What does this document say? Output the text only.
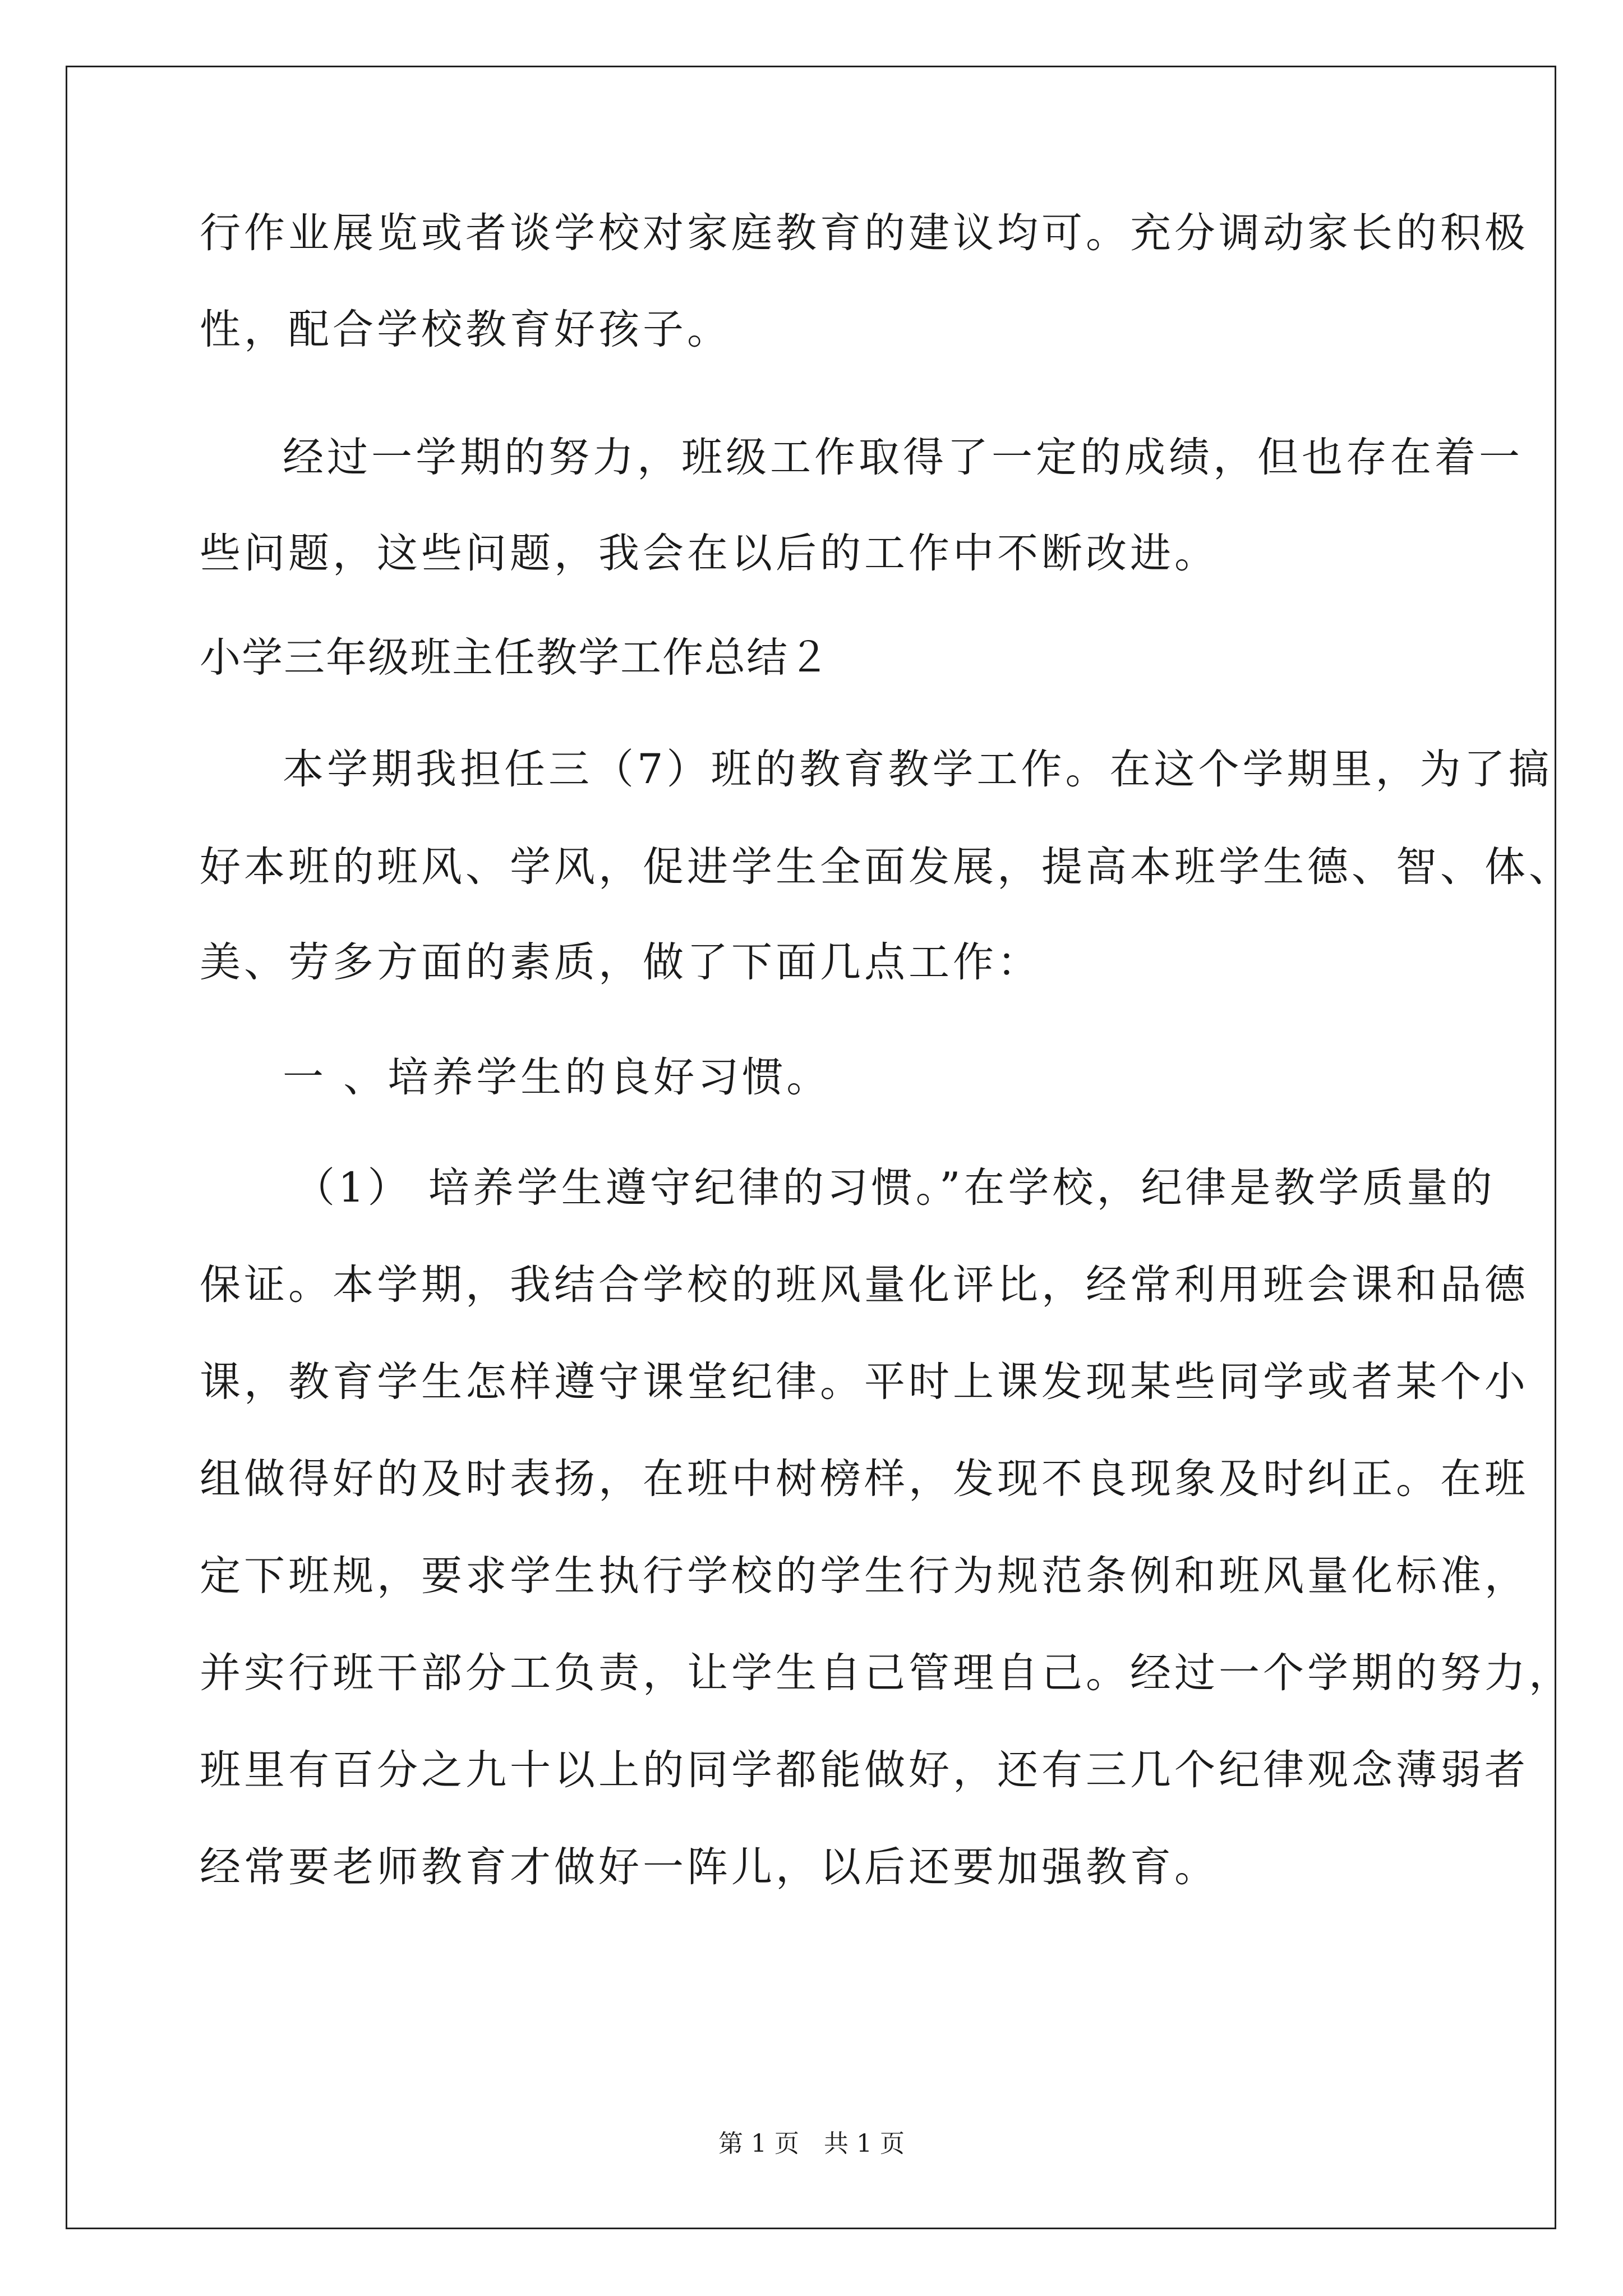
行作业展览或者谈学校对家庭教育的建议均可。充分调动家长的积极
性，配合学校教育好孩子。
经过一学期的努力，班级工作取得了一定的成绩，但也存在着一
些问题，这些问题，我会在以后的工作中不断改进。
小学三年级班主任教学工作总结２
本学期我担任三（7）班的教育教学工作。在这个学期里，为了搞
好本班的班风、学风，促进学生全面发展，提高本班学生德、智、体、
美、劳多方面的素质，做了下面几点工作：
一 、培养学生的良好习惯。
（1） 培养学生遵守纪律的习惯。”在学校，纪律是教学质量的
保证。本学期，我结合学校的班风量化评比，经常利用班会课和品德
课，教育学生怎样遵守课堂纪律。平时上课发现某些同学或者某个小
组做得好的及时表扬，在班中树榜样，发现不良现象及时纠正。在班
定下班规，要求学生执行学校的学生行为规范条例和班风量化标准，
并实行班干部分工负责，让学生自己管理自己。经过一个学期的努力，
班里有百分之九十以上的同学都能做好，还有三几个纪律观念薄弱者
经常要老师教育才做好一阵儿，以后还要加强教育。
第 1 页　共 1 页
